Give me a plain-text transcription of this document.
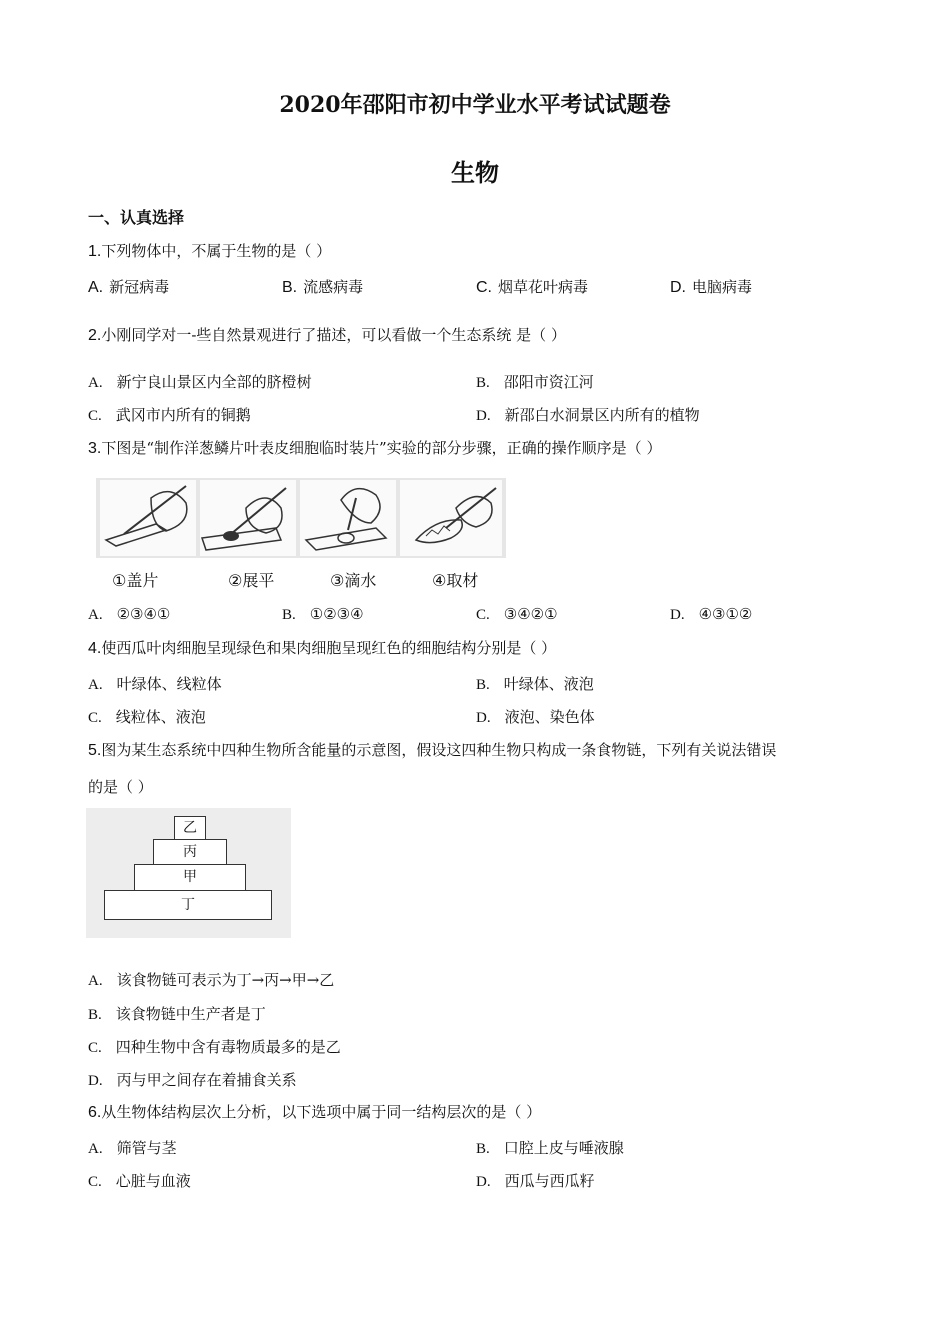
2020年邵阳市初中学业水平考试试题卷
生物
一、认真选择
1.下列物体中，不属于生物的是（ ）
A. 新冠病毒	B. 流感病毒	C. 烟草花叶病毒	D. 电脑病毒
2.小刚同学对一-些自然景观进行了描述，可以看做一个生态系统 是（ ）
A. 新宁良山景区内全部的脐橙树	B. 邵阳市资江河
C. 武冈市内所有的铜鹅	D. 新邵白水洞景区内所有的植物
3.下图是“制作洋葱鳞片叶表皮细胞临时装片”实验的部分步骤，正确的操作顺序是（ ）
①盖片	②展平	③滴水	④取材
A. ②③④①	B. ①②③④	C. ③④②①	D. ④③①②
4.使西瓜叶肉细胞呈现绿色和果肉细胞呈现红色的细胞结构分别是（ ）
A. 叶绿体、线粒体	B. 叶绿体、液泡
C. 线粒体、液泡	D. 液泡、染色体
5.图为某生态系统中四种生物所含能量的示意图，假设这四种生物只构成一条食物链，下列有关说法错误
的是（ ）
乙
丙
甲
丁
A. 该食物链可表示为丁→丙→甲→乙
B. 该食物链中生产者是丁
C. 四种生物中含有毒物质最多的是乙
D. 丙与甲之间存在着捕食关系
6.从生物体结构层次上分析，以下选项中属于同一结构层次的是（ ）
A. 筛管与茎	B. 口腔上皮与唾液腺
C. 心脏与血液	D. 西瓜与西瓜籽
